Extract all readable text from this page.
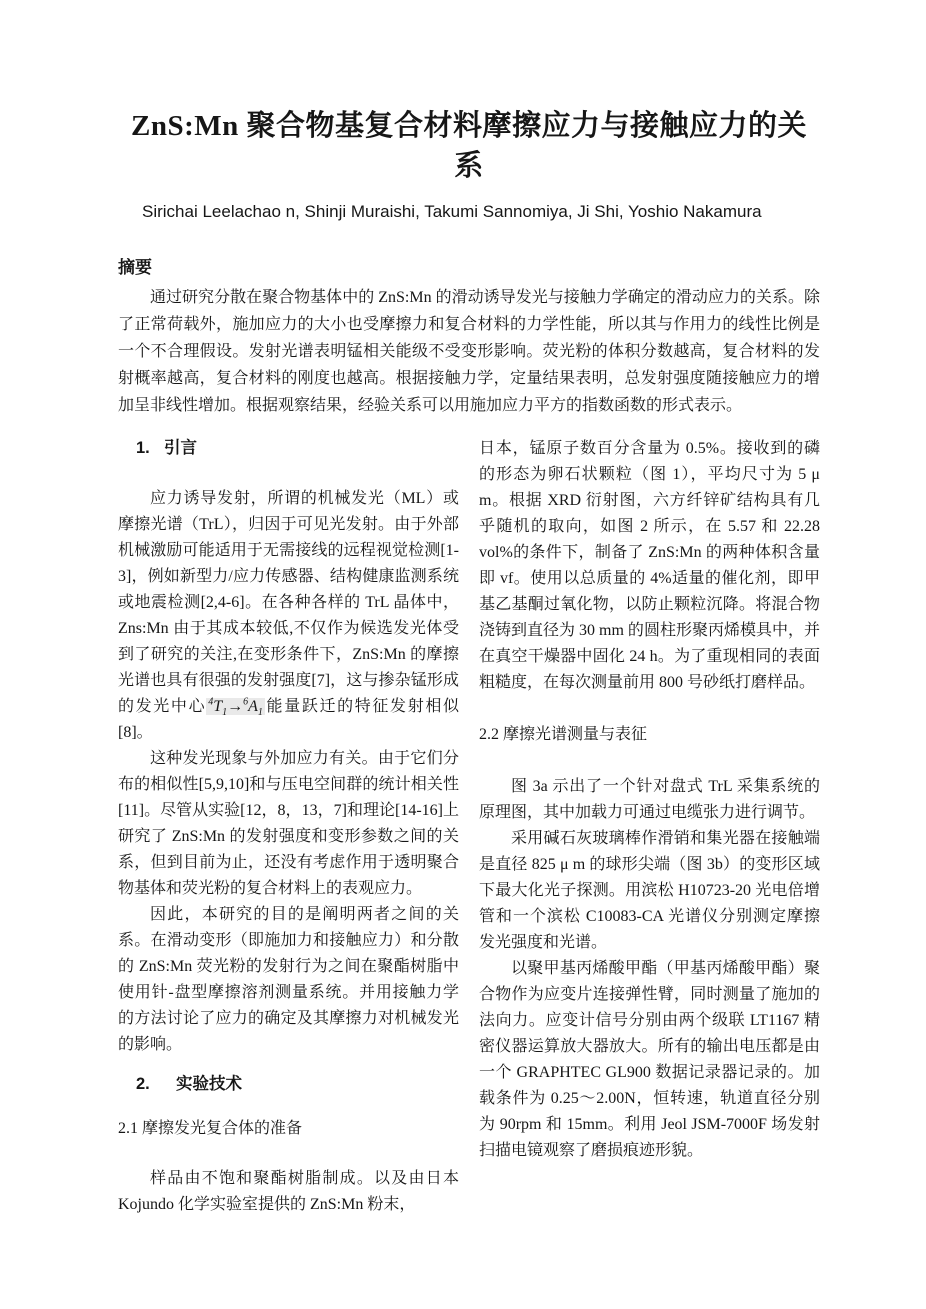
ZnS:Mn 聚合物基复合材料摩擦应力与接触应力的关系
Sirichai Leelachao n, Shinji Muraishi, Takumi Sannomiya, Ji Shi, Yoshio Nakamura
摘要

通过研究分散在聚合物基体中的 ZnS:Mn 的滑动诱导发光与接触力学确定的滑动应力的关系。除了正常荷载外，施加应力的大小也受摩擦力和复合材料的力学性能，所以其与作用力的线性比例是一个不合理假设。发射光谱表明锰相关能级不受变形影响。荧光粉的体积分数越高，复合材料的发射概率越高，复合材料的刚度也越高。根据接触力学，定量结果表明，总发射强度随接触应力的增加呈非线性增加。根据观察结果，经验关系可以用施加应力平方的指数函数的形式表示。

1. 引言

应力诱导发射，所谓的机械发光（ML）或摩擦光谱（TrL），归因于可见光发射。由于外部机械激励可能适用于无需接线的远程视觉检测[1-3]，例如新型力/应力传感器、结构健康监测系统或地震检测[2,4-6]。在各种各样的 TrL 晶体中，Zns:Mn 由于其成本较低,不仅作为候选发光体受到了研究的关注,在变形条件下，ZnS:Mn 的摩擦光谱也具有很强的发射强度[7]，这与掺杂锰形成的发光中心 $^4T_1\to^6A_1$ 能量跃迁的特征发射相似[8]。

这种发光现象与外加应力有关。由于它们分布的相似性[5,9,10]和与压电空间群的统计相关性[11]。尽管从实验[12，8，13，7]和理论[14-16]上研究了 ZnS:Mn 的发射强度和变形参数之间的关系，但到目前为止，还没有考虑作用于透明聚合物基体和荧光粉的复合材料上的表观应力。

因此，本研究的目的是阐明两者之间的关系。在滑动变形（即施加力和接触应力）和分散的 ZnS:Mn 荧光粉的发射行为之间在聚酯树脂中使用针-盘型摩擦溶剂测量系统。并用接触力学的方法讨论了应力的确定及其摩擦力对机械发光的影响。

2. 实验技术
2.1 摩擦发光复合体的准备

样品由不饱和聚酯树脂制成。以及由日本 Kojundo 化学实验室提供的 ZnS:Mn 粉末，

日本，锰原子数百分含量为 0.5%。接收到的磷的形态为卵石状颗粒（图 1），平均尺寸为 5 μ m。根据 XRD 衍射图，六方纤锌矿结构具有几乎随机的取向，如图 2 所示，在 5.57 和 22.28 vol%的条件下，制备了 ZnS:Mn 的两种体积含量即 vf。使用以总质量的 4%适量的催化剂，即甲基乙基酮过氧化物，以防止颗粒沉降。将混合物浇铸到直径为 30 mm 的圆柱形聚丙烯模具中，并在真空干燥器中固化 24 h。为了重现相同的表面粗糙度，在每次测量前用 800 号砂纸打磨样品。

2.2 摩擦光谱测量与表征

图 3a 示出了一个针对盘式 TrL 采集系统的原理图，其中加载力可通过电缆张力进行调节。

采用碱石灰玻璃棒作滑销和集光器在接触端是直径 825 μ m 的球形尖端（图 3b）的变形区域下最大化光子探测。用滨松 H10723-20 光电倍增管和一个滨松 C10083-CA 光谱仪分别测定摩擦发光强度和光谱。

以聚甲基丙烯酸甲酯（甲基丙烯酸甲酯）聚合物作为应变片连接弹性臂，同时测量了施加的法向力。应变计信号分别由两个级联 LT1167 精密仪器运算放大器放大。所有的输出电压都是由一个 GRAPHTEC GL900 数据记录器记录的。加载条件为 0.25～2.00N，恒转速，轨道直径分别为 90rpm 和 15mm。利用 Jeol JSM-7000F 场发射扫描电镜观察了磨损痕迹形貌。
